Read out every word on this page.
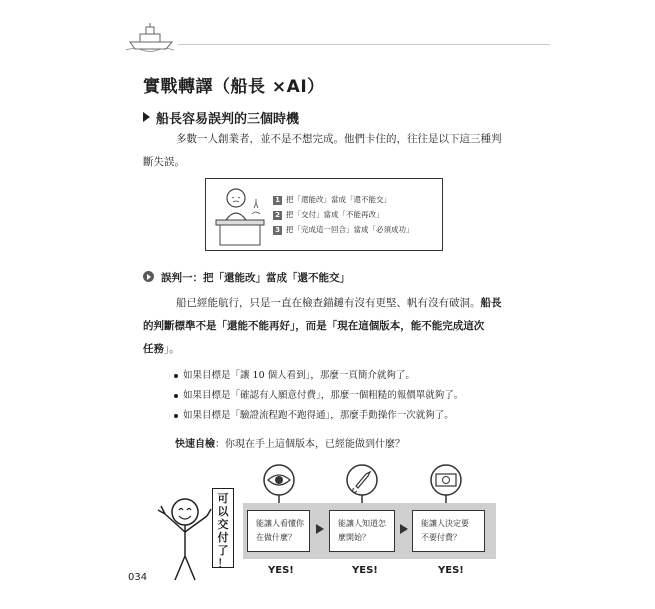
實戰轉譯（船長 ×AI）
船長容易誤判的三個時機

多數一人創業者，並不是不想完成。他們卡住的，往往是以下這三種判斷失誤。

1 把「還能改」當成「還不能交」
2 把「交付」當成「不能再改」
3 把「完成這一回合」當成「必須成功」
誤判一：把「還能改」當成「還不能交」
船已經能航行，只是一直在檢查錨鏈有沒有更堅、帆有沒有破洞。船長
的判斷標準不是「還能不能再好」，而是「現在這個版本，能不能完成這次
任務」。
如果目標是「讓 10 個人看到」，那麼一頁簡介就夠了。
如果目標是「確認有人願意付費」，那麼一個粗糙的報價單就夠了。
如果目標是「驗證流程跑不跑得通」，那麼手動操作一次就夠了。
快速自檢：你現在手上這個版本，已經能做到什麼？
能讓人看懂你
在做什麼？
能讓人知道怎
麼開始？
能讓人決定要
不要付費？
YES!	YES!	YES!
可
以
交
付
了
！
034
